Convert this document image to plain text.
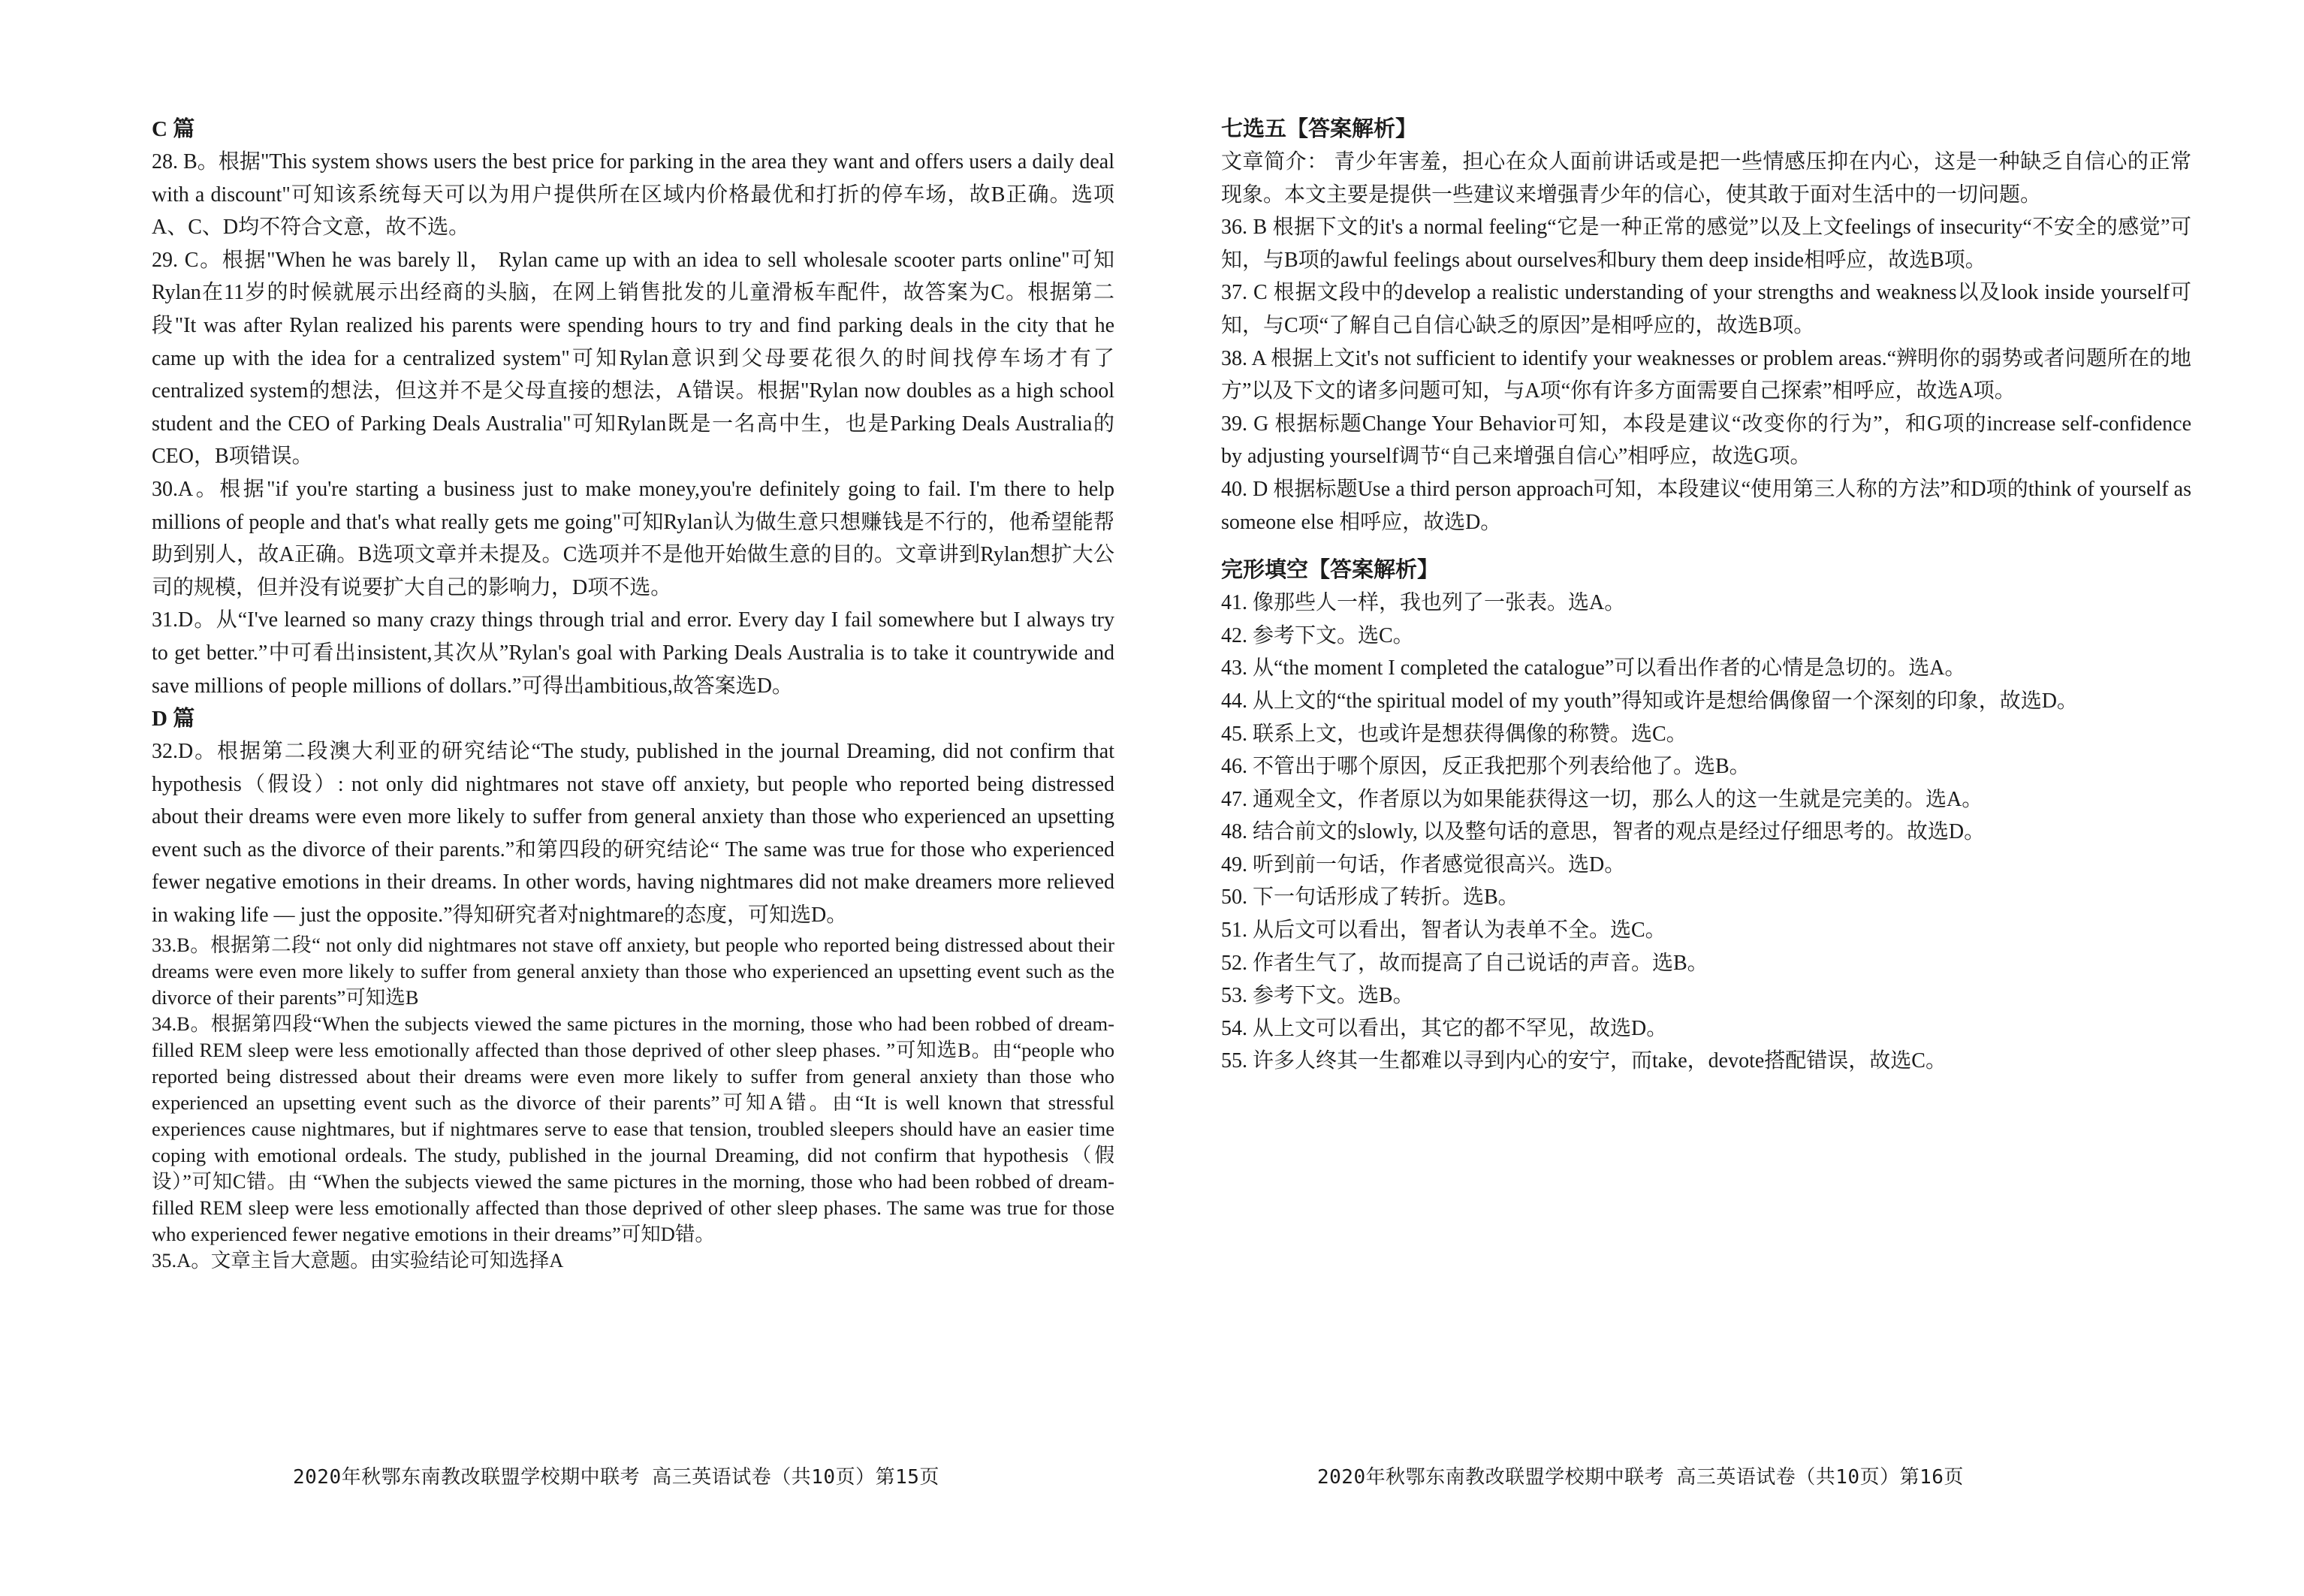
C 篇

28. B。根据"This system shows users the best price for parking in the area they want and offers users a daily deal with a discount"可知该系统每天可以为用户提供所在区域内价格最优和打折的停车场，故B正确。选项A、C、D均不符合文意，故不选。

29. C。根据"When he was barely ll， Rylan came up with an idea to sell wholesale scooter parts online"可知Rylan在11岁的时候就展示出经商的头脑，在网上销售批发的儿童滑板车配件，故答案为C。根据第二段"It was after Rylan realized his parents were spending hours to try and find parking deals in the city that he came up with the idea for a centralized system"可知Rylan意识到父母要花很久的时间找停车场才有了centralized system的想法，但这并不是父母直接的想法，A错误。根据"Rylan now doubles as a high school student and the CEO of Parking Deals Australia"可知Rylan既是一名高中生，也是Parking Deals Australia的CEO，B项错误。

30.A。根据"if you're starting a business just to make money,you're definitely going to fail. I'm there to help millions of people and that's what really gets me going"可知Rylan认为做生意只想赚钱是不行的，他希望能帮助到别人，故A正确。B选项文章并未提及。C选项并不是他开始做生意的目的。文章讲到Rylan想扩大公司的规模，但并没有说要扩大自己的影响力，D项不选。

31.D。从“I've learned so many crazy things through trial and error. Every day I fail somewhere but I always try to get better.”中可看出insistent,其次从”Rylan's goal with Parking Deals Australia is to take it countrywide and save millions of people millions of dollars.”可得出ambitious,故答案选D。

D 篇

32.D。根据第二段澳大利亚的研究结论“The study, published in the journal Dreaming, did not confirm that hypothesis（假设）: not only did nightmares not stave off anxiety, but people who reported being distressed about their dreams were even more likely to suffer from general anxiety than those who experienced an upsetting event such as the divorce of their parents.”和第四段的研究结论“ The same was true for those who experienced fewer negative emotions in their dreams. In other words, having nightmares did not make dreamers more relieved in waking life — just the opposite.”得知研究者对nightmare的态度，可知选D。

33.B。根据第二段“ not only did nightmares not stave off anxiety, but people who reported being distressed about their dreams were even more likely to suffer from general anxiety than those who experienced an upsetting event such as the divorce of their parents”可知选B

34.B。根据第四段“When the subjects viewed the same pictures in the morning, those who had been robbed of dream-filled REM sleep were less emotionally affected than those deprived of other sleep phases. ”可知选B。由“people who reported being distressed about their dreams were even more likely to suffer from general anxiety than those who experienced an upsetting event such as the divorce of their parents”可知A错。由“It is well known that stressful experiences cause nightmares, but if nightmares serve to ease that tension, troubled sleepers should have an easier time coping with emotional ordeals. The study, published in the journal Dreaming, did not confirm that hypothesis（假设）”可知C错。由 “When the subjects viewed the same pictures in the morning, those who had been robbed of dream-filled REM sleep were less emotionally affected than those deprived of other sleep phases. The same was true for those who experienced fewer negative emotions in their dreams”可知D错。

35.A。文章主旨大意题。由实验结论可知选择A

2020年秋鄂东南教改联盟学校期中联考 高三英语试卷（共10页）第15页

七选五【答案解析】

文章简介： 青少年害羞，担心在众人面前讲话或是把一些情感压抑在内心，这是一种缺乏自信心的正常现象。本文主要是提供一些建议来增强青少年的信心，使其敢于面对生活中的一切问题。

36. B 根据下文的it's a normal feeling“它是一种正常的感觉”以及上文feelings of insecurity“不安全的感觉”可知，与B项的awful feelings about ourselves和bury them deep inside相呼应，故选B项。

37. C 根据文段中的develop a realistic understanding of your strengths and weakness以及look inside yourself可知，与C项“了解自己自信心缺乏的原因”是相呼应的，故选B项。

38. A 根据上文it's not sufficient to identify your weaknesses or problem areas.“辨明你的弱势或者问题所在的地方”以及下文的诸多问题可知，与A项“你有许多方面需要自己探索”相呼应，故选A项。

39. G 根据标题Change Your Behavior可知，本段是建议“改变你的行为”，和G项的increase self-confidence by adjusting yourself调节“自己来增强自信心”相呼应，故选G项。

40. D 根据标题Use a third person approach可知，本段建议“使用第三人称的方法”和D项的think of yourself as someone else 相呼应，故选D。

完形填空【答案解析】

41. 像那些人一样，我也列了一张表。选A。

42. 参考下文。选C。

43. 从“the moment I completed the catalogue”可以看出作者的心情是急切的。选A。

44. 从上文的“the spiritual model of my youth”得知或许是想给偶像留一个深刻的印象，故选D。

45. 联系上文，也或许是想获得偶像的称赞。选C。

46. 不管出于哪个原因，反正我把那个列表给他了。选B。

47. 通观全文，作者原以为如果能获得这一切，那么人的这一生就是完美的。选A。

48. 结合前文的slowly, 以及整句话的意思，智者的观点是经过仔细思考的。故选D。

49. 听到前一句话，作者感觉很高兴。选D。

50. 下一句话形成了转折。选B。

51. 从后文可以看出，智者认为表单不全。选C。

52. 作者生气了，故而提高了自己说话的声音。选B。

53. 参考下文。选B。

54. 从上文可以看出，其它的都不罕见，故选D。

55. 许多人终其一生都难以寻到内心的安宁，而take，devote搭配错误，故选C。

2020年秋鄂东南教改联盟学校期中联考 高三英语试卷（共10页）第16页
